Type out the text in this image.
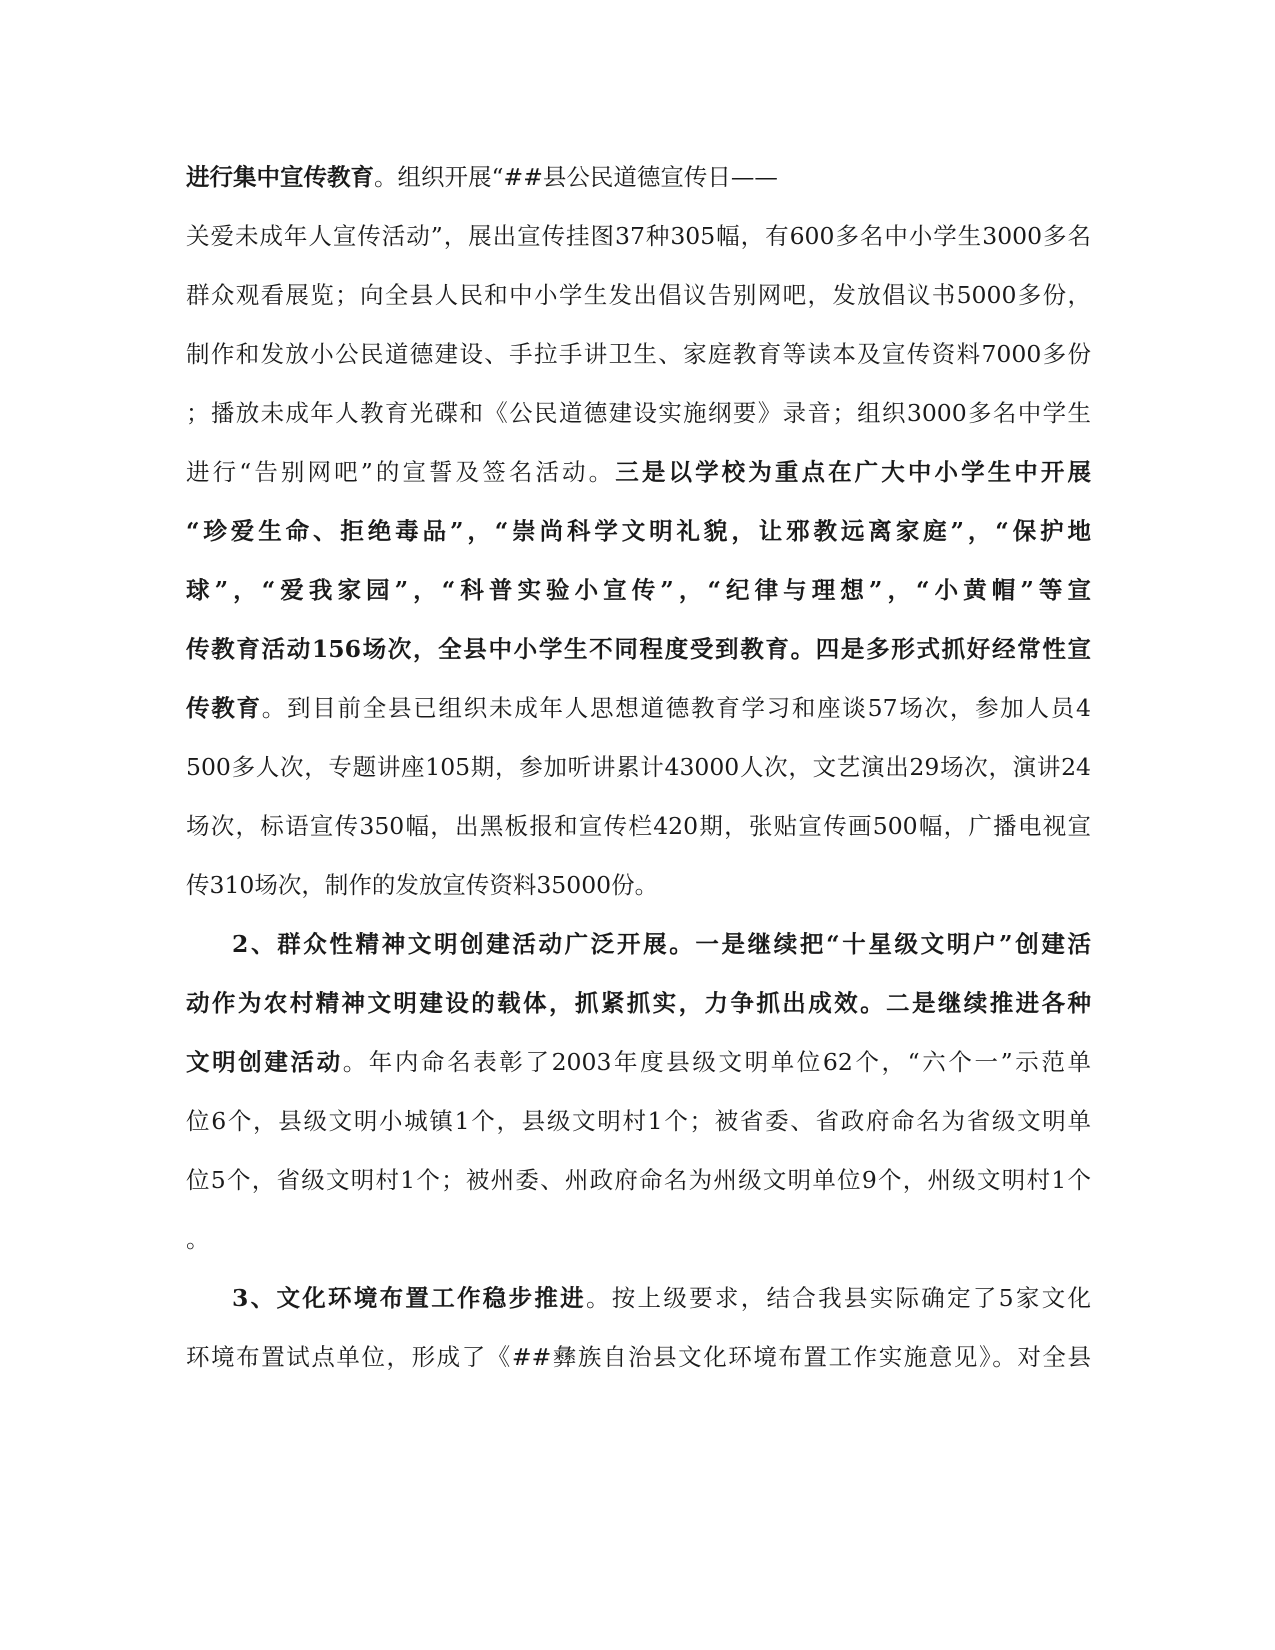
进行集中宣传教育。组织开展“##县公民道德宣传日——
关爱未成年人宣传活动”，展出宣传挂图37种305幅，有600多名中小学生3000多名
群众观看展览；向全县人民和中小学生发出倡议告别网吧，发放倡议书5000多份，
制作和发放小公民道德建设、手拉手讲卫生、家庭教育等读本及宣传资料7000多份
；播放未成年人教育光碟和《公民道德建设实施纲要》录音；组织3000多名中学生
进行“告别网吧”的宣誓及签名活动。三是以学校为重点在广大中小学生中开展
“珍爱生命、拒绝毒品”，“崇尚科学文明礼貌，让邪教远离家庭”，“保护地
球”，“爱我家园”，“科普实验小宣传”，“纪律与理想”，“小黄帽”等宣
传教育活动156场次，全县中小学生不同程度受到教育。四是多形式抓好经常性宣
传教育。到目前全县已组织未成年人思想道德教育学习和座谈57场次，参加人员4
500多人次，专题讲座105期，参加听讲累计43000人次，文艺演出29场次，演讲24
场次，标语宣传350幅，出黑板报和宣传栏420期，张贴宣传画500幅，广播电视宣
传310场次，制作的发放宣传资料35000份。
2、群众性精神文明创建活动广泛开展。一是继续把“十星级文明户”创建活
动作为农村精神文明建设的载体，抓紧抓实，力争抓出成效。二是继续推进各种
文明创建活动。年内命名表彰了2003年度县级文明单位62个，“六个一”示范单
位6个，县级文明小城镇1个，县级文明村1个；被省委、省政府命名为省级文明单
位5个，省级文明村1个；被州委、州政府命名为州级文明单位9个，州级文明村1个
。
3、文化环境布置工作稳步推进。按上级要求，结合我县实际确定了5家文化
环境布置试点单位，形成了《##彝族自治县文化环境布置工作实施意见》。对全县
